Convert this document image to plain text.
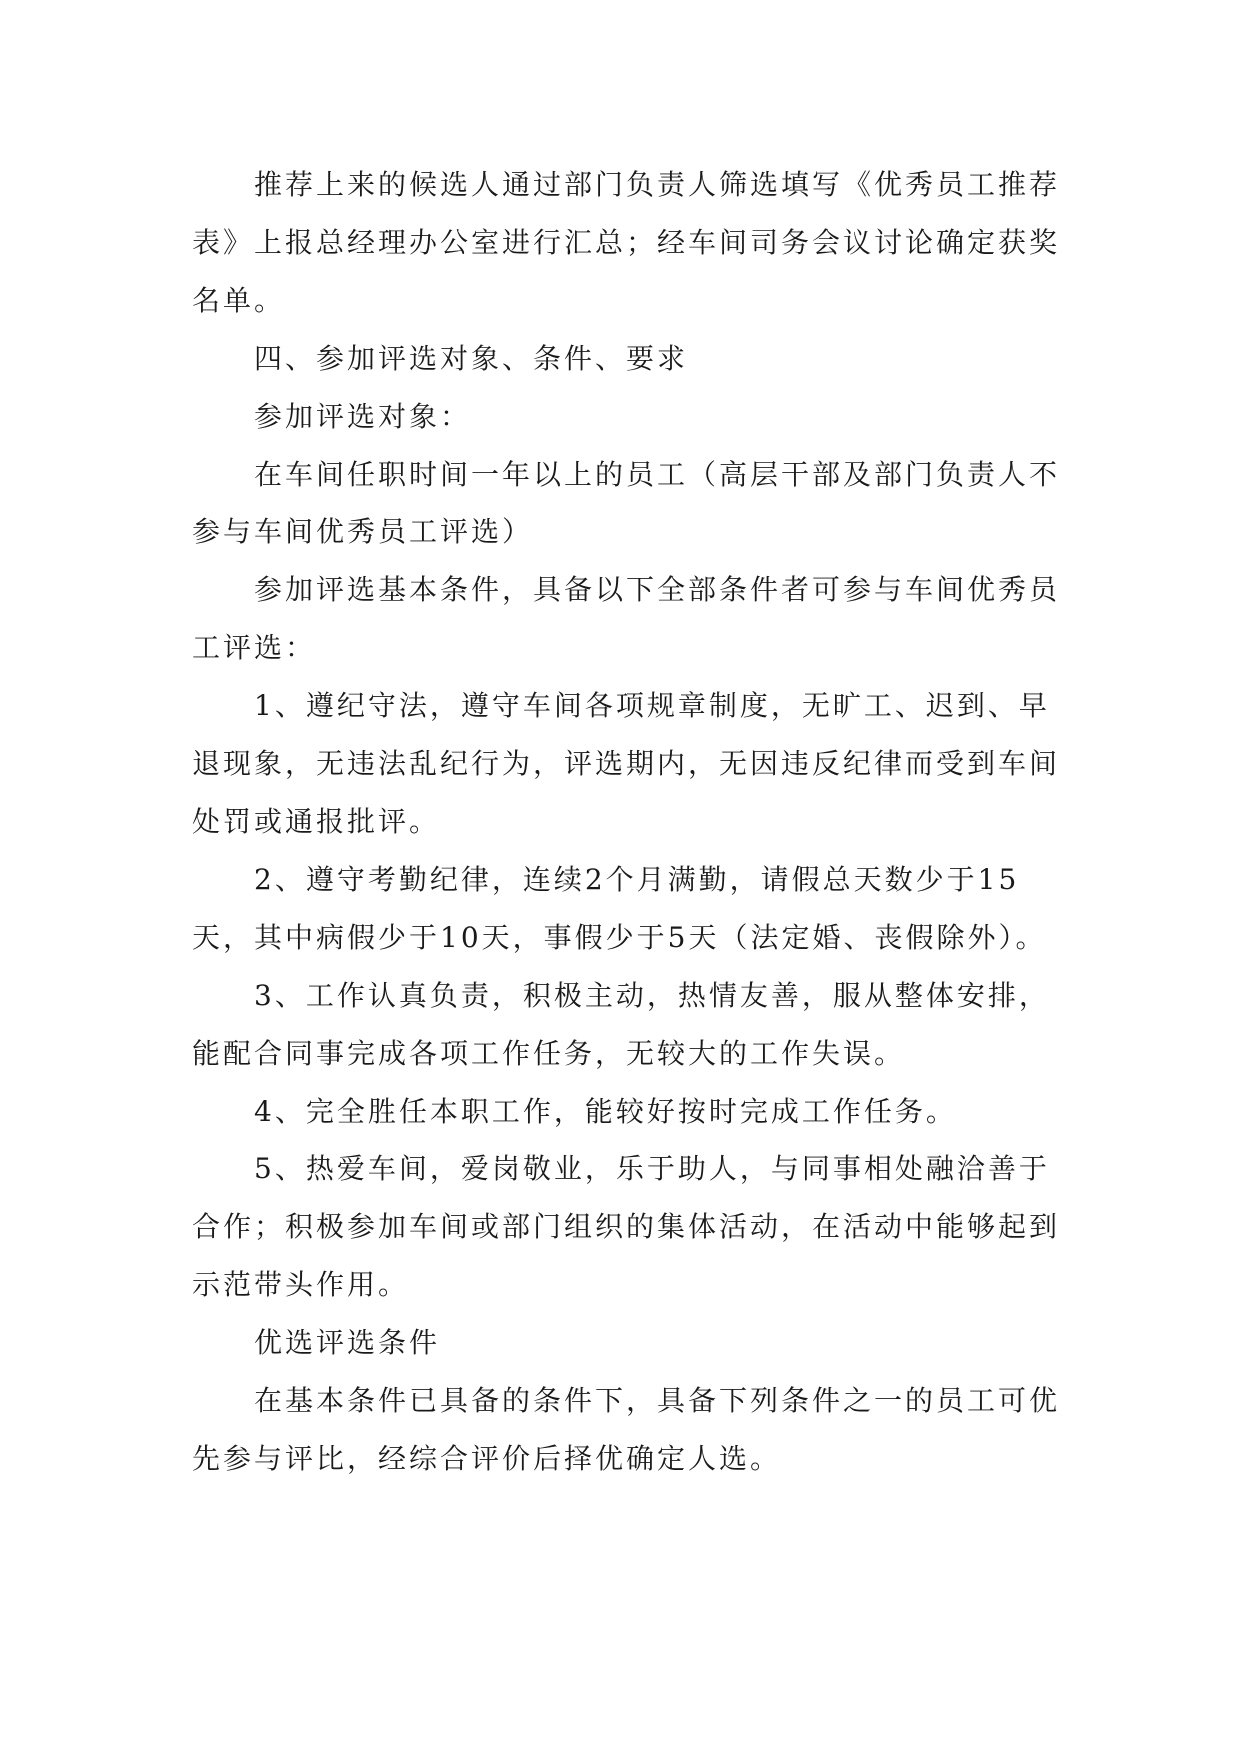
推荐上来的候选人通过部门负责人筛选填写《优秀员工推荐表》上报总经理办公室进行汇总；经车间司务会议讨论确定获奖名单。

四、参加评选对象、条件、要求

参加评选对象：

在车间任职时间一年以上的员工（高层干部及部门负责人不参与车间优秀员工评选）

参加评选基本条件，具备以下全部条件者可参与车间优秀员工评选：

1、遵纪守法，遵守车间各项规章制度，无旷工、迟到、早退现象，无违法乱纪行为，评选期内，无因违反纪律而受到车间处罚或通报批评。

2、遵守考勤纪律，连续2个月满勤，请假总天数少于15天，其中病假少于10天，事假少于5天（法定婚、丧假除外）。

3、工作认真负责，积极主动，热情友善，服从整体安排，能配合同事完成各项工作任务，无较大的工作失误。

4、完全胜任本职工作，能较好按时完成工作任务。

5、热爱车间，爱岗敬业，乐于助人，与同事相处融洽善于合作；积极参加车间或部门组织的集体活动，在活动中能够起到示范带头作用。

优选评选条件

在基本条件已具备的条件下，具备下列条件之一的员工可优先参与评比，经综合评价后择优确定人选。
